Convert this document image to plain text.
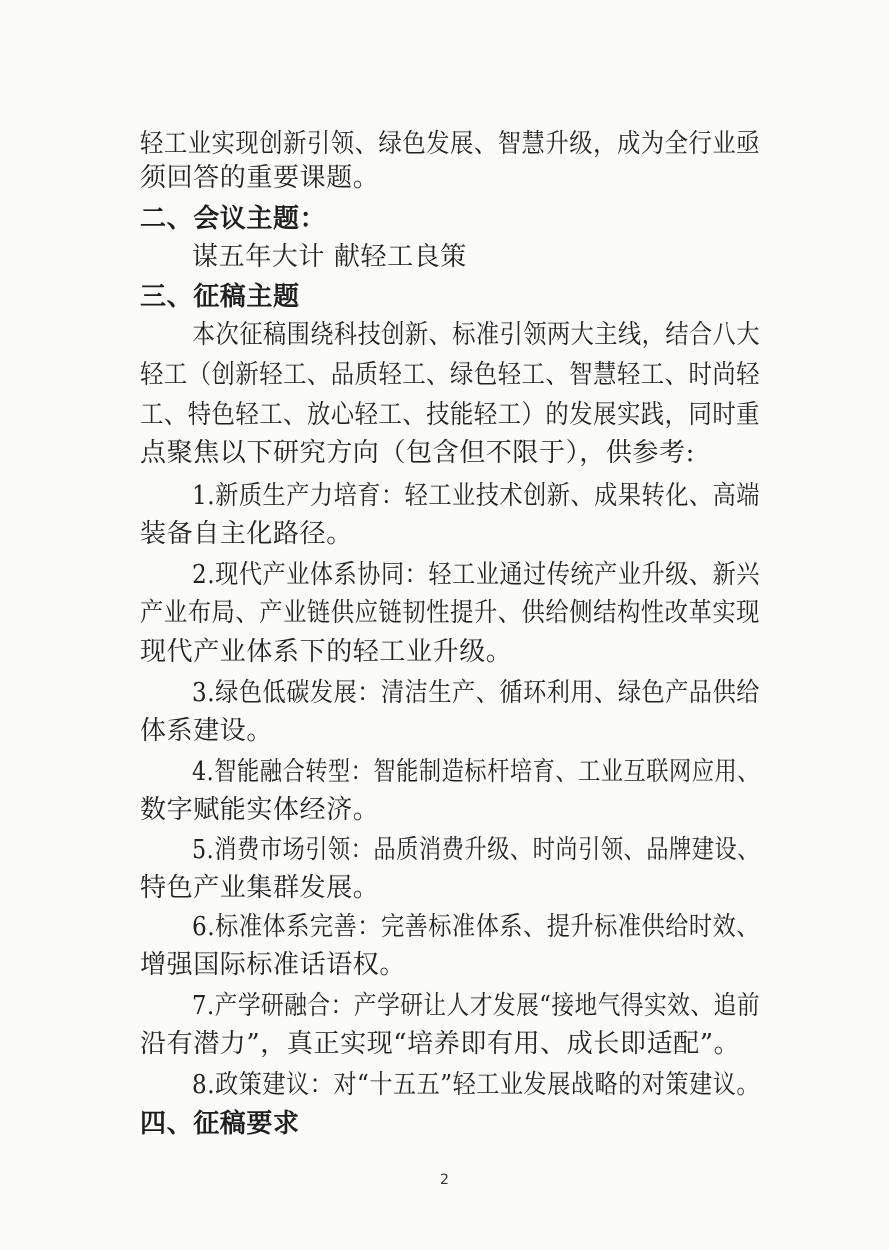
轻工业实现创新引领、绿色发展、智慧升级，成为全行业亟
须回答的重要课题。
二、会议主题：
谋五年大计 献轻工良策
三、征稿主题
本次征稿围绕科技创新、标准引领两大主线，结合八大
轻工（创新轻工、品质轻工、绿色轻工、智慧轻工、时尚轻
工、特色轻工、放心轻工、技能轻工）的发展实践，同时重
点聚焦以下研究方向（包含但不限于），供参考:
1.新质生产力培育：轻工业技术创新、成果转化、高端
装备自主化路径。
2.现代产业体系协同：轻工业通过传统产业升级、新兴
产业布局、产业链供应链韧性提升、供给侧结构性改革实现
现代产业体系下的轻工业升级。
3.绿色低碳发展：清洁生产、循环利用、绿色产品供给
体系建设。
4.智能融合转型：智能制造标杆培育、工业互联网应用、
数字赋能实体经济。
5.消费市场引领：品质消费升级、时尚引领、品牌建设、
特色产业集群发展。
6.标准体系完善：完善标准体系、提升标准供给时效、
增强国际标准话语权。
7.产学研融合：产学研让人才发展“接地气得实效、追前
沿有潜力”，真正实现“培养即有用、成长即适配”。
8.政策建议：对“十五五”轻工业发展战略的对策建议。
四、征稿要求
2
